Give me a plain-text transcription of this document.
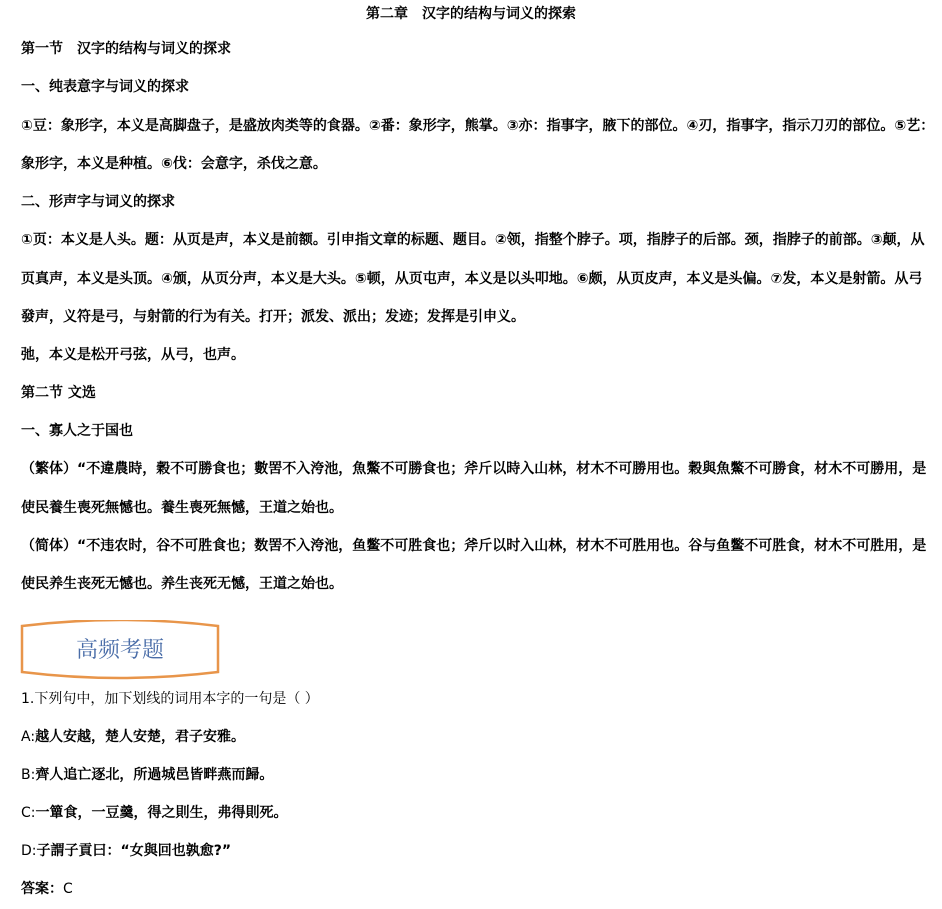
第二章　汉字的结构与词义的探索
第一节　汉字的结构与词义的探求
一、纯表意字与词义的探求
①豆：象形字，本义是高脚盘子，是盛放肉类等的食器。②番：象形字，熊掌。③亦：指事字，腋下的部位。④刃，指事字，指示刀刃的部位。⑤艺：
象形字，本义是种植。⑥伐：会意字，杀伐之意。
二、形声字与词义的探求
①页：本义是人头。题：从页是声，本义是前额。引申指文章的标题、题目。②领，指整个脖子。项，指脖子的后部。颈，指脖子的前部。③颠，从
页真声，本义是头顶。④颁，从页分声，本义是大头。⑤顿，从页屯声，本义是以头叩地。⑥颇，从页皮声，本义是头偏。⑦发，本义是射箭。从弓
發声，义符是弓，与射箭的行为有关。打开；派发、派出；发迹；发挥是引申义。
弛，本义是松开弓弦，从弓，也声。
第二节 文选
一、寡人之于国也
（繁体）“不違農時，穀不可勝食也；數罟不入洿池，魚鱉不可勝食也；斧斤以時入山林，材木不可勝用也。穀與魚鱉不可勝食，材木不可勝用，是
使民養生喪死無憾也。養生喪死無憾，王道之始也。
（简体）“不违农时，谷不可胜食也；数罟不入洿池，鱼鳖不可胜食也；斧斤以时入山林，材木不可胜用也。谷与鱼鳖不可胜食，材木不可胜用，是
使民养生丧死无憾也。养生丧死无憾，王道之始也。
高频考题
1.下列句中，加下划线的词用本字的一句是（ ）
A:越人安越，楚人安楚，君子安雅。
B:齊人追亡逐北，所過城邑皆畔燕而歸。
C:一簞食，一豆羹，得之則生，弗得則死。
D:子謂子貢曰：“女與回也孰愈?”
答案：C
